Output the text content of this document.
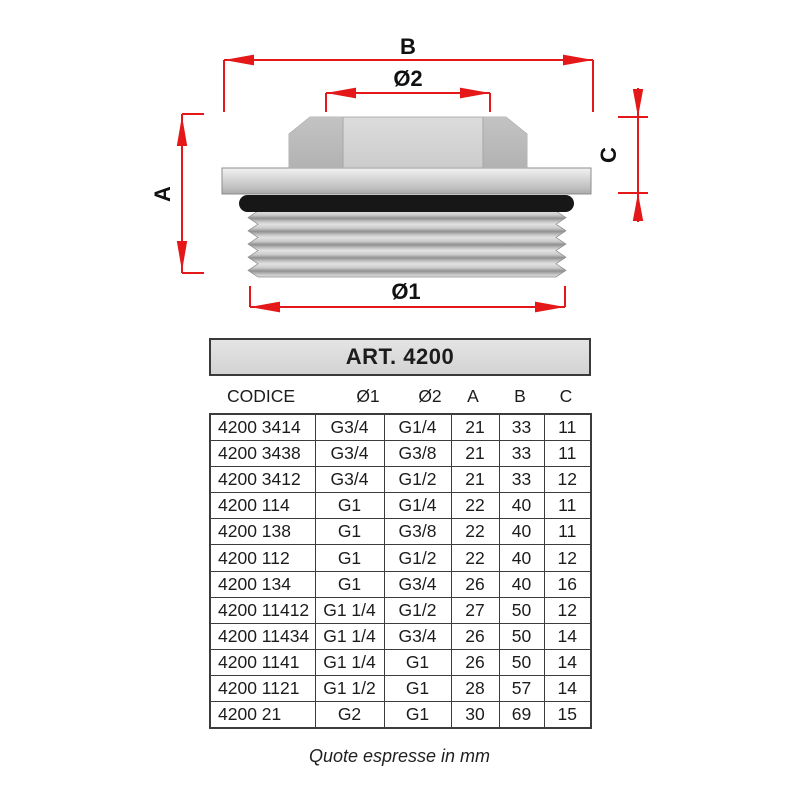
B
Ø2
A
C
Ø1
ART. 4200
CODICE	Ø1 Ø2 A B C
4200 3414	G3/4	G1/4	21	33	11
4200 3438	G3/4	G3/8	21	33	11
4200 3412	G3/4	G1/2	21	33	12
4200 114	G1	G1/4	22	40	11
4200 138	G1	G3/8	22	40	11
4200 112	G1	G1/2	22	40	12
4200 134	G1	G3/4	26	40	16
4200 11412	G1 1/4	G1/2	27	50	12
4200 11434	G1 1/4	G3/4	26	50	14
4200 1141	G1 1/4	G1	26	50	14
4200 1121	G1 1/2	G1	28	57	14
4200 21	G2	G1	30	69	15
Quote espresse in mm
